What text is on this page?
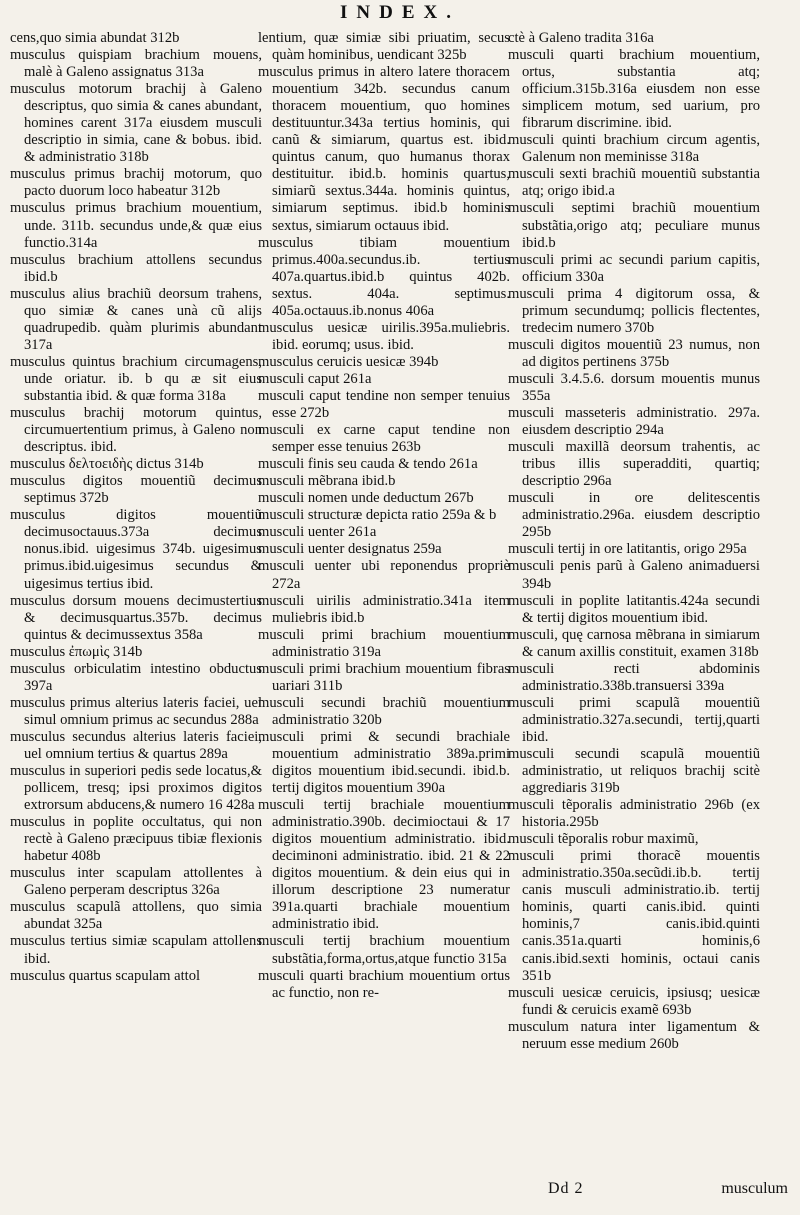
INDEX.

cens,quo simia abundat 312b

musculus quispiam brachium mouens, malè à Galeno assignatus 313a

musculus motorum brachij à Galeno descriptus, quo simia & canes abundant, homines carent 317a eiusdem musculi descriptio in simia, cane & bobus. ibid. & administratio 318b

musculus primus brachij motorum, quo pacto duorum loco habeatur 312b

musculus primus brachium mouentium, unde. 311b. secundus unde,& quæ eius functio.314a

musculus brachium attollens secundus ibid.b

musculus alius brachiũ deorsum trahens, quo simiæ & canes unà cũ alijs quadrupedib. quàm plurimis abundant 317a

musculus quintus brachium circumagens, unde oriatur. ib. b qu æ sit eius substantia ibid. & quæ forma 318a

musculus brachij motorum quintus, circumuertentium primus, à Galeno non descriptus. ibid.

musculus δελτοειδὴς dictus 314b

musculus digitos mouentiũ decimus septimus 372b

musculus digitos mouentiũ decimusoctauus.373a decimus nonus.ibid. uigesimus 374b. uigesimus primus.ibid.uigesimus secundus & uigesimus tertius ibid.

musculus dorsum mouens decimustertius & decimusquartus.357b. decimus quintus & decimussextus 358a

musculus ἐπωμὶς 314b

musculus orbiculatim intestino obductus 397a

musculus primus alterius lateris faciei, uel simul omnium primus ac secundus 288a

musculus secundus alterius lateris faciei, uel omnium tertius & quartus 289a

musculus in superiori pedis sede locatus,& pollicem, tresq; ipsi proximos digitos extrorsum abducens,& numero 16 428a

musculus in poplite occultatus, qui non rectè à Galeno præcipuus tibiæ flexionis habetur 408b

musculus inter scapulam attollentes à Galeno perperam descriptus 326a

musculus scapulã attollens, quo simia abundat 325a

musculus tertius simiæ scapulam attollens ibid.

musculus quartus scapulam attol

lentium, quæ simiæ sibi priuatim, secus quàm hominibus, uendicant 325b

musculus primus in altero latere thoracem mouentium 342b. secundus canum thoracem mouentium, quo homines destituuntur.343a tertius hominis, qui canũ & simiarum, quartus est. ibid. quintus canum, quo humanus thorax destituitur. ibid.b. hominis quartus, simiarũ sextus.344a. hominis quintus, simiarum septimus. ibid.b hominis sextus, simiarum octauus ibid.

musculus tibiam mouentium primus.400a.secundus.ib. tertius 407a.quartus.ibid.b quintus 402b. sextus. 404a. septimus. 405a.octauus.ib.nonus 406a

musculus uesicæ uirilis.395a.muliebris. ibid. eorumq; usus. ibid.

musculus ceruicis uesicæ 394b

musculi caput 261a

musculi caput tendine non semper tenuius esse 272b

musculi ex carne caput tendine non semper esse tenuius 263b

musculi finis seu cauda & tendo 261a

musculi mẽbrana ibid.b

musculi nomen unde deductum 267b

musculi structuræ depicta ratio 259a & b

musculi uenter 261a

musculi uenter designatus 259a

musculi uenter ubi reponendus propriè 272a

musculi uirilis administratio.341a item muliebris ibid.b

musculi primi brachium mouentium administratio 319a

musculi primi brachium mouentium fibras uariari 311b

musculi secundi brachiũ mouentium administratio 320b

musculi primi & secundi brachiale mouentium administratio 389a.primi digitos mouentium ibid.secundi. ibid.b. tertij digitos mouentium 390a

musculi tertij brachiale mouentium administratio.390b. decimioctaui & 17 digitos mouentium administratio. ibid. deciminoni administratio. ibid. 21 & 22 digitos mouentium. & dein eius qui in illorum descriptione 23 numeratur 391a.quarti brachiale mouentium administratio ibid.

musculi tertij brachium mouentium substãtia,forma,ortus,atque functio 315a

musculi quarti brachium mouentium ortus ac functio, non re-

ctè à Galeno tradita 316a

musculi quarti brachium mouentium, ortus, substantia atq; officium.315b.316a eiusdem non esse simplicem motum, sed uarium, pro fibrarum discrimine. ibid.

musculi quinti brachium circum agentis, Galenum non meminisse 318a

musculi sexti brachiũ mouentiũ substantia atq; origo ibid.a

musculi septimi brachiũ mouentium substãtia,origo atq; peculiare munus ibid.b

musculi primi ac secundi parium capitis, officium 330a

musculi prima 4 digitorum ossa, & primum secundumq; pollicis flectentes, tredecim numero 370b

musculi digitos mouentiũ 23 numus, non ad digitos pertinens 375b

musculi 3.4.5.6. dorsum mouentis munus 355a

musculi masseteris administratio. 297a. eiusdem descriptio 294a

musculi maxillã deorsum trahentis, ac tribus illis superadditi, quartiq; descriptio 296a

musculi in ore delitescentis administratio.296a. eiusdem descriptio 295b

musculi tertij in ore latitantis, origo 295a

musculi penis parũ à Galeno animaduersi 394b

musculi in poplite latitantis.424a secundi & tertij digitos mouentium ibid.

musculi, quę carnosa mẽbrana in simiarum & canum axillis constituit, examen 318b

musculi recti abdominis administratio.338b.transuersi 339a

musculi primi scapulã mouentiũ administratio.327a.secundi, tertij,quarti ibid.

musculi secundi scapulã mouentiũ administratio, ut reliquos brachij scitè aggrediaris 319b

musculi tẽporalis administratio 296b (ex historia.295b

musculi tẽporalis robur maximũ,

musculi primi thoracẽ mouentis administratio.350a.secũdi.ib.b. tertij canis musculi administratio.ib. tertij hominis, quarti canis.ibid. quinti hominis,7 canis.ibid.quinti canis.351a.quarti hominis,6 canis.ibid.sexti hominis, octaui canis 351b

musculi uesicæ ceruicis, ipsiusq; uesicæ fundi & ceruicis examẽ 693b

musculum natura inter ligamentum & neruum esse medium 260b

Dd 2	musculum
